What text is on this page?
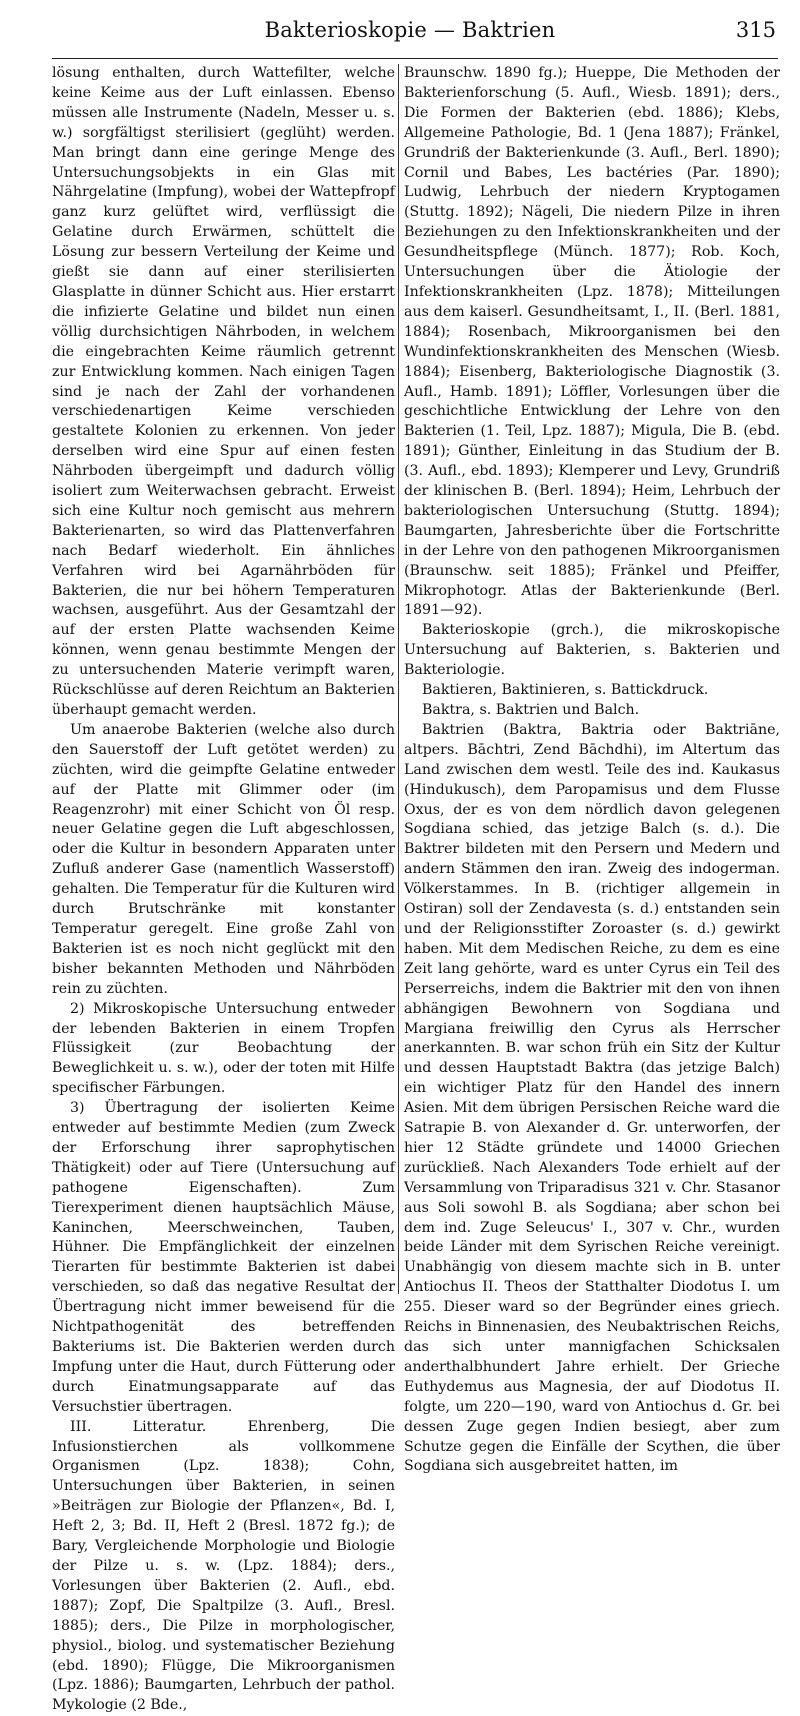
Bakterioskopie — Baktrien	315

lösung enthalten, durch Wattefilter, welche keine Keime aus der Luft einlassen. Ebenso müssen alle Instrumente (Nadeln, Messer u. s. w.) sorgfältigst sterilisiert (geglüht) werden. Man bringt dann eine geringe Menge des Untersuchungsobjekts in ein Glas mit Nährgelatine (Impfung), wobei der Wattepfropf ganz kurz gelüftet wird, verflüssigt die Gelatine durch Erwärmen, schüttelt die Lösung zur bessern Verteilung der Keime und gießt sie dann auf einer sterilisierten Glasplatte in dünner Schicht aus. Hier erstarrt die infizierte Gelatine und bildet nun einen völlig durchsichtigen Nährboden, in welchem die eingebrachten Keime räumlich getrennt zur Entwicklung kommen. Nach einigen Tagen sind je nach der Zahl der vorhandenen verschiedenartigen Keime verschieden gestaltete Kolonien zu erkennen. Von jeder derselben wird eine Spur auf einen festen Nährboden übergeimpft und dadurch völlig isoliert zum Weiterwachsen gebracht. Erweist sich eine Kultur noch gemischt aus mehrern Bakterienarten, so wird das Plattenverfahren nach Bedarf wiederholt. Ein ähnliches Verfahren wird bei Agarnährböden für Bakterien, die nur bei höhern Temperaturen wachsen, ausgeführt. Aus der Gesamtzahl der auf der ersten Platte wachsenden Keime können, wenn genau bestimmte Mengen der zu untersuchenden Materie verimpft waren, Rückschlüsse auf deren Reichtum an Bakterien überhaupt gemacht werden.

Um anaerobe Bakterien (welche also durch den Sauerstoff der Luft getötet werden) zu züchten, wird die geimpfte Gelatine entweder auf der Platte mit Glimmer oder (im Reagenzrohr) mit einer Schicht von Öl resp. neuer Gelatine gegen die Luft abgeschlossen, oder die Kultur in besondern Apparaten unter Zufluß anderer Gase (namentlich Wasserstoff) gehalten. Die Temperatur für die Kulturen wird durch Brutschränke mit konstanter Temperatur geregelt. Eine große Zahl von Bakterien ist es noch nicht geglückt mit den bisher bekannten Methoden und Nährböden rein zu züchten.

2) Mikroskopische Untersuchung entweder der lebenden Bakterien in einem Tropfen Flüssigkeit (zur Beobachtung der Beweglichkeit u. s. w.), oder der toten mit Hilfe specifischer Färbungen.

3) Übertragung der isolierten Keime entweder auf bestimmte Medien (zum Zweck der Erforschung ihrer saprophytischen Thätigkeit) oder auf Tiere (Untersuchung auf pathogene Eigenschaften). Zum Tierexperiment dienen hauptsächlich Mäuse, Kaninchen, Meerschweinchen, Tauben, Hühner. Die Empfänglichkeit der einzelnen Tierarten für bestimmte Bakterien ist dabei verschieden, so daß das negative Resultat der Übertragung nicht immer beweisend für die Nichtpathogenität des betreffenden Bakteriums ist. Die Bakterien werden durch Impfung unter die Haut, durch Fütterung oder durch Einatmungsapparate auf das Versuchstier übertragen.

III. Litteratur. Ehrenberg, Die Infusionstierchen als vollkommene Organismen (Lpz. 1838); Cohn, Untersuchungen über Bakterien, in seinen »Beiträgen zur Biologie der Pflanzen«, Bd. I, Heft 2, 3; Bd. II, Heft 2 (Bresl. 1872 fg.); de Bary, Vergleichende Morphologie und Biologie der Pilze u. s. w. (Lpz. 1884); ders., Vorlesungen über Bakterien (2. Aufl., ebd. 1887); Zopf, Die Spaltpilze (3. Aufl., Bresl. 1885); ders., Die Pilze in morphologischer, physiol., biolog. und systematischer Beziehung (ebd. 1890); Flügge, Die Mikroorganismen (Lpz. 1886); Baumgarten, Lehrbuch der pathol. Mykologie (2 Bde.,

Braunschw. 1890 fg.); Hueppe, Die Methoden der Bakterienforschung (5. Aufl., Wiesb. 1891); ders., Die Formen der Bakterien (ebd. 1886); Klebs, Allgemeine Pathologie, Bd. 1 (Jena 1887); Fränkel, Grundriß der Bakterienkunde (3. Aufl., Berl. 1890); Cornil und Babes, Les bactéries (Par. 1890); Ludwig, Lehrbuch der niedern Kryptogamen (Stuttg. 1892); Nägeli, Die niedern Pilze in ihren Beziehungen zu den Infektionskrankheiten und der Gesundheitspflege (Münch. 1877); Rob. Koch, Untersuchungen über die Ätiologie der Infektionskrankheiten (Lpz. 1878); Mitteilungen aus dem kaiserl. Gesundheitsamt, I., II. (Berl. 1881, 1884); Rosenbach, Mikroorganismen bei den Wundinfektionskrankheiten des Menschen (Wiesb. 1884); Eisenberg, Bakteriologische Diagnostik (3. Aufl., Hamb. 1891); Löffler, Vorlesungen über die geschichtliche Entwicklung der Lehre von den Bakterien (1. Teil, Lpz. 1887); Migula, Die B. (ebd. 1891); Günther, Einleitung in das Studium der B. (3. Aufl., ebd. 1893); Klemperer und Levy, Grundriß der klinischen B. (Berl. 1894); Heim, Lehrbuch der bakteriologischen Untersuchung (Stuttg. 1894); Baumgarten, Jahresberichte über die Fortschritte in der Lehre von den pathogenen Mikroorganismen (Braunschw. seit 1885); Fränkel und Pfeiffer, Mikrophotogr. Atlas der Bakterienkunde (Berl. 1891—92).

Bakterioskopie (grch.), die mikroskopische Untersuchung auf Bakterien, s. Bakterien und Bakteriologie.

Baktieren, Baktinieren, s. Battickdruck.

Baktra, s. Baktrien und Balch.

Baktrien (Baktra, Baktria oder Baktriāne, altpers. Bāchtri, Zend Bāchdhi), im Altertum das Land zwischen dem westl. Teile des ind. Kaukasus (Hindukusch), dem Paropamisus und dem Flusse Oxus, der es von dem nördlich davon gelegenen Sogdiana schied, das jetzige Balch (s. d.). Die Baktrer bildeten mit den Persern und Medern und andern Stämmen den iran. Zweig des indogerman. Völkerstammes. In B. (richtiger allgemein in Ostiran) soll der Zendavesta (s. d.) entstanden sein und der Religionsstifter Zoroaster (s. d.) gewirkt haben. Mit dem Medischen Reiche, zu dem es eine Zeit lang gehörte, ward es unter Cyrus ein Teil des Perserreichs, indem die Baktrier mit den von ihnen abhängigen Bewohnern von Sogdiana und Margiana freiwillig den Cyrus als Herrscher anerkannten. B. war schon früh ein Sitz der Kultur und dessen Hauptstadt Baktra (das jetzige Balch) ein wichtiger Platz für den Handel des innern Asien. Mit dem übrigen Persischen Reiche ward die Satrapie B. von Alexander d. Gr. unterworfen, der hier 12 Städte gründete und 14000 Griechen zurückließ. Nach Alexanders Tode erhielt auf der Versammlung von Triparadisus 321 v. Chr. Stasanor aus Soli sowohl B. als Sogdiana; aber schon bei dem ind. Zuge Seleucus' I., 307 v. Chr., wurden beide Länder mit dem Syrischen Reiche vereinigt. Unabhängig von diesem machte sich in B. unter Antiochus II. Theos der Statthalter Diodotus I. um 255. Dieser ward so der Begründer eines griech. Reichs in Binnenasien, des Neubaktrischen Reichs, das sich unter mannigfachen Schicksalen anderthalbhundert Jahre erhielt. Der Grieche Euthydemus aus Magnesia, der auf Diodotus II. folgte, um 220—190, ward von Antiochus d. Gr. bei dessen Zuge gegen Indien besiegt, aber zum Schutze gegen die Einfälle der Scythen, die über Sogdiana sich ausgebreitet hatten, im
